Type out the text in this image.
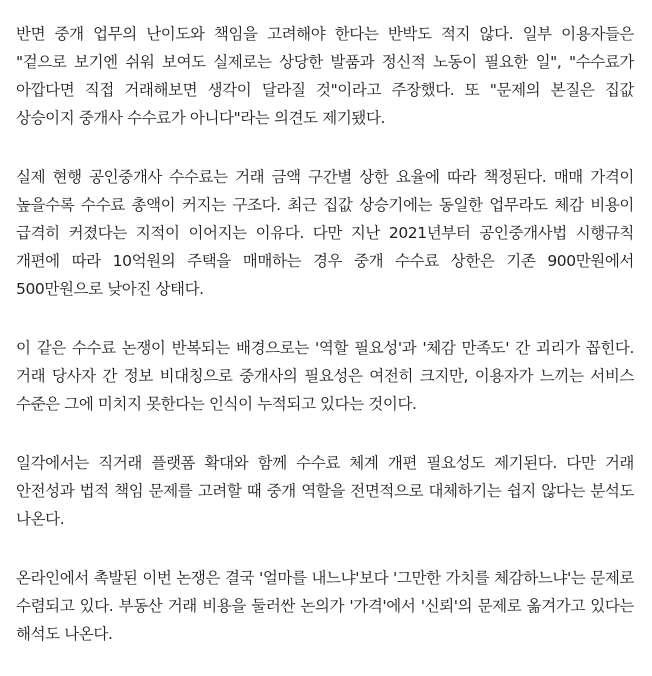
반면 중개 업무의 난이도와 책임을 고려해야 한다는 반박도 적지 않다. 일부 이용자들은 "겉으로 보기엔 쉬워 보여도 실제로는 상당한 발품과 정신적 노동이 필요한 일", "수수료가 아깝다면 직접 거래해보면 생각이 달라질 것"이라고 주장했다. 또 "문제의 본질은 집값 상승이지 중개사 수수료가 아니다"라는 의견도 제기됐다.

실제 현행 공인중개사 수수료는 거래 금액 구간별 상한 요율에 따라 책정된다. 매매 가격이 높을수록 수수료 총액이 커지는 구조다. 최근 집값 상승기에는 동일한 업무라도 체감 비용이 급격히 커졌다는 지적이 이어지는 이유다. 다만 지난 2021년부터 공인중개사법 시행규칙 개편에 따라 10억원의 주택을 매매하는 경우 중개 수수료 상한은 기존 900만원에서 500만원으로 낮아진 상태다.

이 같은 수수료 논쟁이 반복되는 배경으로는 '역할 필요성'과 '체감 만족도' 간 괴리가 꼽힌다. 거래 당사자 간 정보 비대칭으로 중개사의 필요성은 여전히 크지만, 이용자가 느끼는 서비스 수준은 그에 미치지 못한다는 인식이 누적되고 있다는 것이다.

일각에서는 직거래 플랫폼 확대와 함께 수수료 체계 개편 필요성도 제기된다. 다만 거래 안전성과 법적 책임 문제를 고려할 때 중개 역할을 전면적으로 대체하기는 쉽지 않다는 분석도 나온다.

온라인에서 촉발된 이번 논쟁은 결국 '얼마를 내느냐'보다 '그만한 가치를 체감하느냐'는 문제로 수렴되고 있다. 부동산 거래 비용을 둘러싼 논의가 '가격'에서 '신뢰'의 문제로 옮겨가고 있다는 해석도 나온다.
